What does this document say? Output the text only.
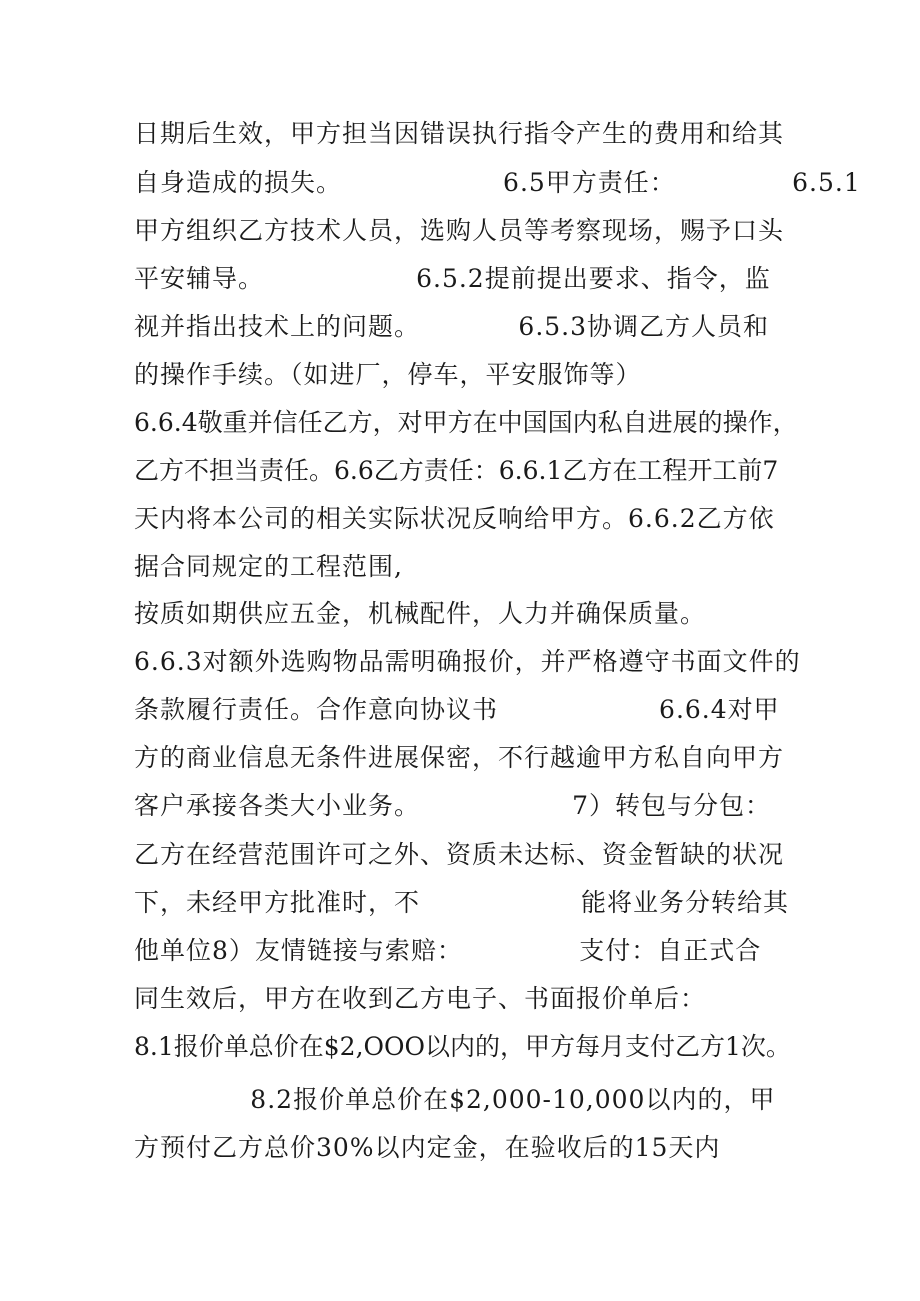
日期后生效，甲方担当因错误执行指令产生的费用和给其
自身造成的损失。                  6.5甲方责任：             6.5.1
甲方组织乙方技术人员，选购人员等考察现场，赐予口头
平安辅导。                 6.5.2提前提出要求、指令，监
视并指出技术上的问题。           6.5.3协调乙方人员和
的操作手续。（如进厂，停车，平安服饰等）
6.6.4敬重并信任乙方，对甲方在中国国内私自进展的操作，
乙方不担当责任。6.6乙方责任：6.6.1乙方在工程开工前7
天内将本公司的相关实际状况反响给甲方。6.6.2乙方依
据合同规定的工程范围,
按质如期供应五金，机械配件，人力并确保质量。
6.6.3对额外选购物品需明确报价，并严格遵守书面文件的
条款履行责任。合作意向协议书                  6.6.4对甲
方的商业信息无条件进展保密，不行越逾甲方私自向甲方
客户承接各类大小业务。                 7）转包与分包：
乙方在经营范围许可之外、资质未达标、资金暂缺的状况
下，未经甲方批准时，不                  能将业务分转给其
他单位8）友情链接与索赔：             支付：自正式合
同生效后，甲方在收到乙方电子、书面报价单后：
8.1报价单总价在$2,OOO以内的，甲方每月支付乙方1次。
8.2报价单总价在$2,000-10,000以内的，甲
方预付乙方总价30%以内定金，在验收后的15天内
